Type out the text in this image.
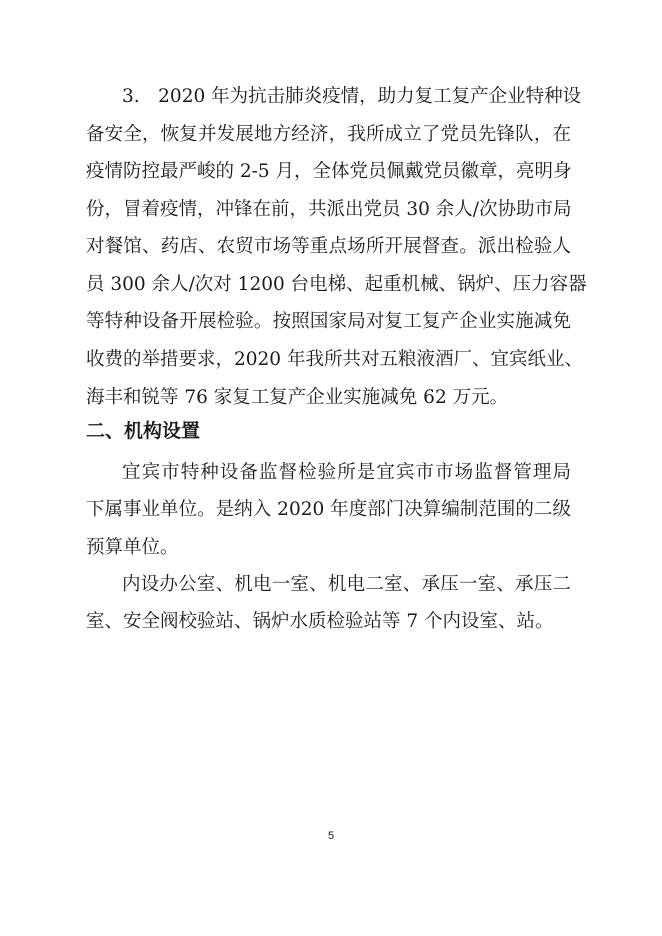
3.　2020 年为抗击肺炎疫情，助力复工复产企业特种设
备安全，恢复并发展地方经济，我所成立了党员先锋队，在
疫情防控最严峻的 2-5 月，全体党员佩戴党员徽章，亮明身
份，冒着疫情，冲锋在前，共派出党员 30 余人/次协助市局
对餐馆、药店、农贸市场等重点场所开展督查。派出检验人
员 300 余人/次对 1200 台电梯、起重机械、锅炉、压力容器
等特种设备开展检验。按照国家局对复工复产企业实施减免
收费的举措要求，2020 年我所共对五粮液酒厂、宜宾纸业、
海丰和锐等 76 家复工复产企业实施减免 62 万元。
二、机构设置
宜宾市特种设备监督检验所是宜宾市市场监督管理局
下属事业单位。是纳入 2020 年度部门决算编制范围的二级
预算单位。
内设办公室、机电一室、机电二室、承压一室、承压二
室、安全阀校验站、锅炉水质检验站等 7 个内设室、站。
5
